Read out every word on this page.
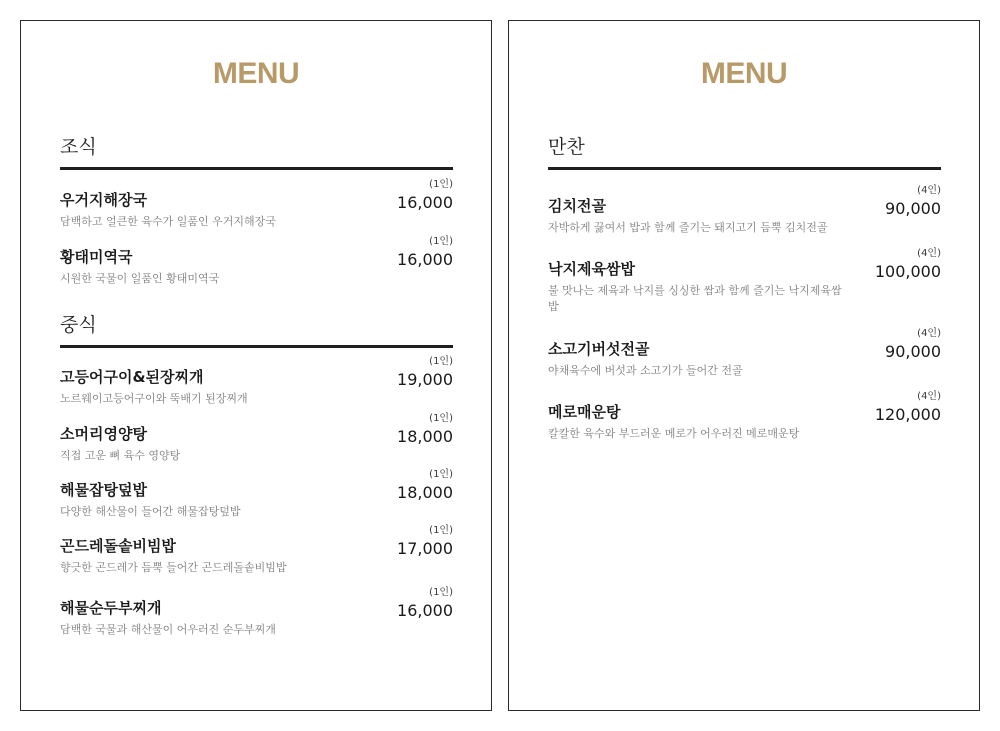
MENU
조식
우거지해장국
담백하고 얼큰한 육수가 일품인 우거지해장국
(1인)
16,000
황태미역국
시원한 국물이 일품인 황태미역국
(1인)
16,000
중식
고등어구이&된장찌개
노르웨이고등어구이와 뚝배기 된장찌개
(1인)
19,000
소머리영양탕
직접 고운 뼈 육수 영양탕
(1인)
18,000
해물잡탕덮밥
다양한 해산물이 들어간 해물잡탕덮밥
(1인)
18,000
곤드레돌솥비빔밥
향긋한 곤드레가 듬뿍 들어간 곤드레돌솥비빔밥
(1인)
17,000
해물순두부찌개
담백한 국물과 해산물이 어우러진 순두부찌개
(1인)
16,000
MENU
만찬
김치전골
자박하게 끓여서 밥과 함께 즐기는 돼지고기 듬뿍 김치전골
(4인)
90,000
낙지제육쌈밥
불 맛나는 제육과 낙지를 싱싱한 쌈과 함께 즐기는 낙지제육쌈밥
(4인)
100,000
소고기버섯전골
야채육수에 버섯과 소고기가 들어간 전골
(4인)
90,000
메로매운탕
칼칼한 육수와 부드러운 메로가 어우러진 메로매운탕
(4인)
120,000
